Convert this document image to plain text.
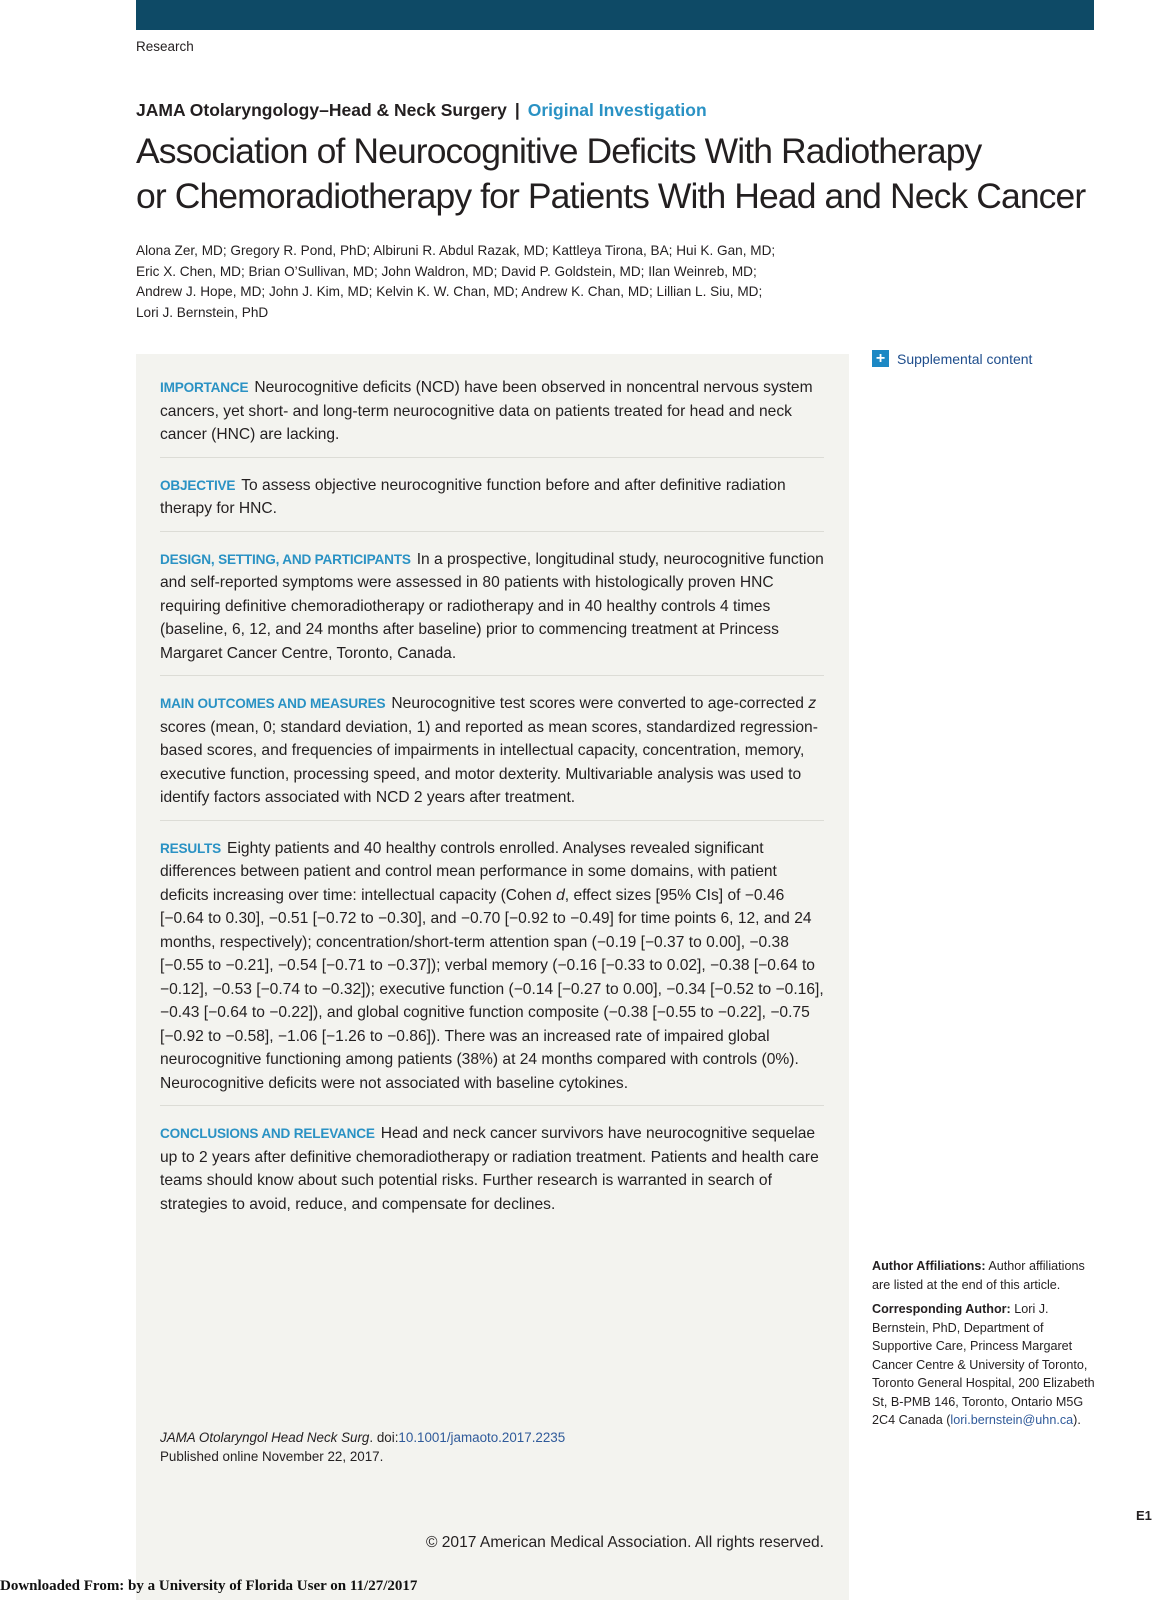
Research
JAMA Otolaryngology–Head & Neck Surgery | Original Investigation
Association of Neurocognitive Deficits With Radiotherapy
or Chemoradiotherapy for Patients With Head and Neck Cancer
Alona Zer, MD; Gregory R. Pond, PhD; Albiruni R. Abdul Razak, MD; Kattleya Tirona, BA; Hui K. Gan, MD;
Eric X. Chen, MD; Brian O’Sullivan, MD; John Waldron, MD; David P. Goldstein, MD; Ilan Weinreb, MD;
Andrew J. Hope, MD; John J. Kim, MD; Kelvin K. W. Chan, MD; Andrew K. Chan, MD; Lillian L. Siu, MD;
Lori J. Bernstein, PhD
IMPORTANCE Neurocognitive deficits (NCD) have been observed in noncentral nervous system cancers, yet short- and long-term neurocognitive data on patients treated for head and neck cancer (HNC) are lacking.
OBJECTIVE To assess objective neurocognitive function before and after definitive radiation therapy for HNC.
DESIGN, SETTING, AND PARTICIPANTS In a prospective, longitudinal study, neurocognitive function and self-reported symptoms were assessed in 80 patients with histologically proven HNC requiring definitive chemoradiotherapy or radiotherapy and in 40 healthy controls 4 times (baseline, 6, 12, and 24 months after baseline) prior to commencing treatment at Princess Margaret Cancer Centre, Toronto, Canada.
MAIN OUTCOMES AND MEASURES Neurocognitive test scores were converted to age-corrected z scores (mean, 0; standard deviation, 1) and reported as mean scores, standardized regression-based scores, and frequencies of impairments in intellectual capacity, concentration, memory, executive function, processing speed, and motor dexterity. Multivariable analysis was used to identify factors associated with NCD 2 years after treatment.
RESULTS Eighty patients and 40 healthy controls enrolled. Analyses revealed significant differences between patient and control mean performance in some domains, with patient deficits increasing over time: intellectual capacity (Cohen d, effect sizes [95% CIs] of −0.46 [−0.64 to 0.30], −0.51 [−0.72 to −0.30], and −0.70 [−0.92 to −0.49] for time points 6, 12, and 24 months, respectively); concentration/short-term attention span (−0.19 [−0.37 to 0.00], −0.38 [−0.55 to −0.21], −0.54 [−0.71 to −0.37]); verbal memory (−0.16 [−0.33 to 0.02], −0.38 [−0.64 to −0.12], −0.53 [−0.74 to −0.32]); executive function (−0.14 [−0.27 to 0.00], −0.34 [−0.52 to −0.16], −0.43 [−0.64 to −0.22]), and global cognitive function composite (−0.38 [−0.55 to −0.22], −0.75 [−0.92 to −0.58], −1.06 [−1.26 to −0.86]). There was an increased rate of impaired global neurocognitive functioning among patients (38%) at 24 months compared with controls (0%). Neurocognitive deficits were not associated with baseline cytokines.
CONCLUSIONS AND RELEVANCE Head and neck cancer survivors have neurocognitive sequelae up to 2 years after definitive chemoradiotherapy or radiation treatment. Patients and health care teams should know about such potential risks. Further research is warranted in search of strategies to avoid, reduce, and compensate for declines.
JAMA Otolaryngol Head Neck Surg. doi:10.1001/jamaoto.2017.2235
Published online November 22, 2017.
© 2017 American Medical Association. All rights reserved.
+ Supplemental content

Author Affiliations: Author affiliations are listed at the end of this article.

Corresponding Author: Lori J. Bernstein, PhD, Department of Supportive Care, Princess Margaret Cancer Centre & University of Toronto, Toronto General Hospital, 200 Elizabeth St, B-PMB 146, Toronto, Ontario M5G 2C4 Canada (lori.bernstein@uhn.ca).

E1
Downloaded From: by a University of Florida User on 11/27/2017
